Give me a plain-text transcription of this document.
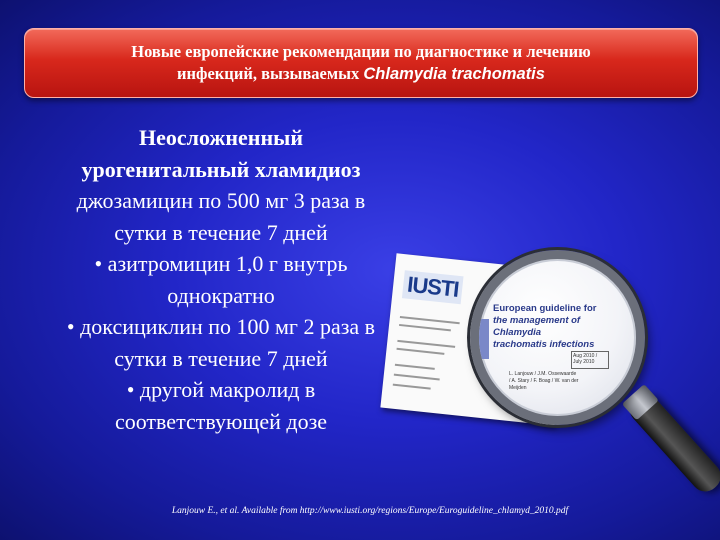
Новые европейские рекомендации по диагностике и лечению
инфекций, вызываемых Chlamydia trachomatis
Неосложненный
урогенитальный хламидиоз
джозамицин по 500 мг 3 раза в
сутки в течение 7 дней
• азитромицин 1,0 г внутрь
однократно
• доксициклин по 100 мг 2 раза в
сутки в течение 7 дней
• другой макролид в
соответствующей дозе
IUSTI
European guideline for
the management of Chlamydia
trachomatis infections
Aug 2010 / July 2010
L. Lanjouw / J.M. Ossewaarde / A. Stary / F. Boag / W. van der Meijden
Lanjouw E., et al. Available from http://www.iusti.org/regions/Europe/Euroguideline_chlamyd_2010.pdf
